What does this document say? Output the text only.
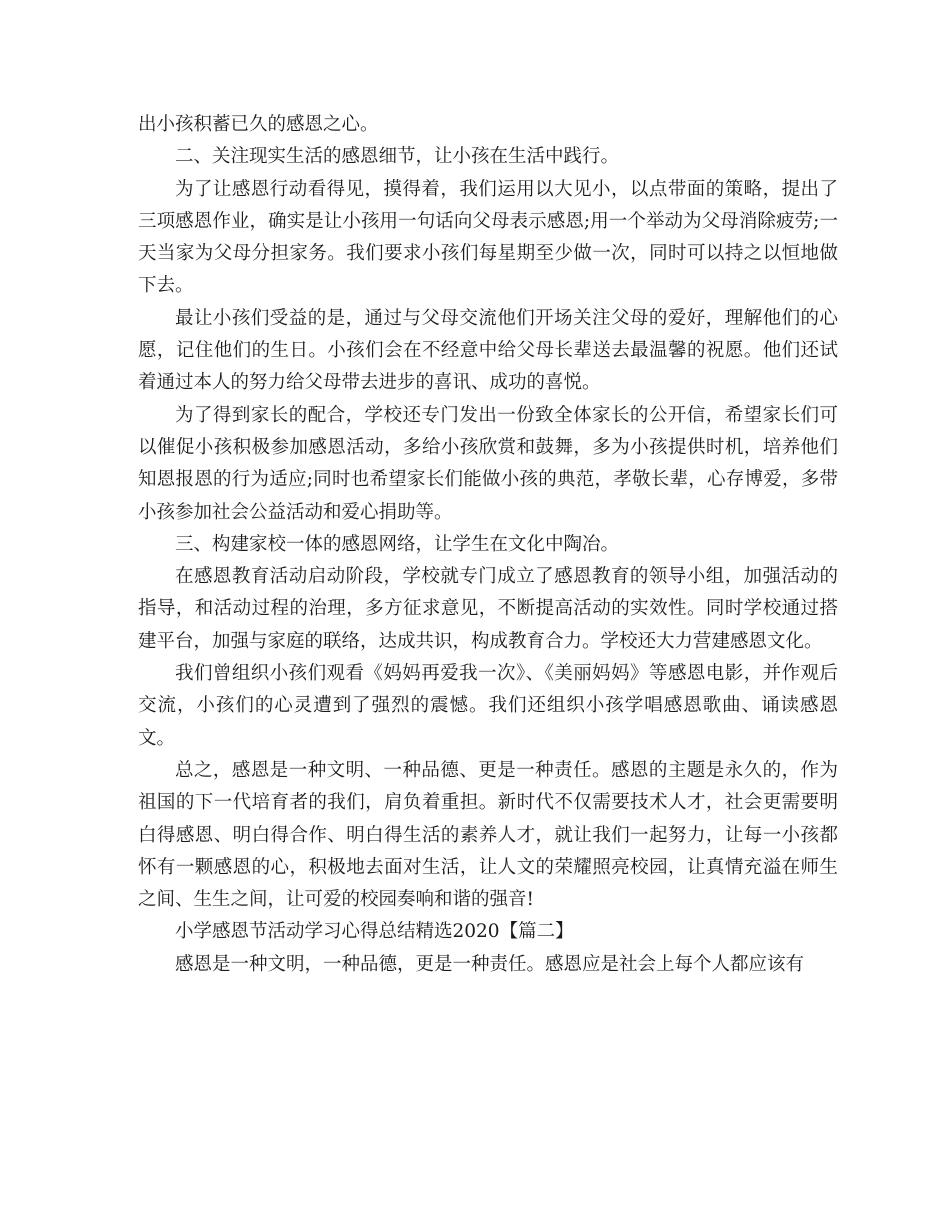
出小孩积蓄已久的感恩之心。

二、关注现实生活的感恩细节，让小孩在生活中践行。

为了让感恩行动看得见，摸得着，我们运用以大见小，以点带面的策略，提出了三项感恩作业，确实是让小孩用一句话向父母表示感恩;用一个举动为父母消除疲劳;一天当家为父母分担家务。我们要求小孩们每星期至少做一次，同时可以持之以恒地做下去。

最让小孩们受益的是，通过与父母交流他们开场关注父母的爱好，理解他们的心愿，记住他们的生日。小孩们会在不经意中给父母长辈送去最温馨的祝愿。他们还试着通过本人的努力给父母带去进步的喜讯、成功的喜悦。

为了得到家长的配合，学校还专门发出一份致全体家长的公开信，希望家长们可以催促小孩积极参加感恩活动，多给小孩欣赏和鼓舞，多为小孩提供时机，培养他们知恩报恩的行为适应;同时也希望家长们能做小孩的典范，孝敬长辈，心存博爱，多带小孩参加社会公益活动和爱心捐助等。

三、构建家校一体的感恩网络，让学生在文化中陶冶。

在感恩教育活动启动阶段，学校就专门成立了感恩教育的领导小组，加强活动的指导，和活动过程的治理，多方征求意见，不断提高活动的实效性。同时学校通过搭建平台，加强与家庭的联络，达成共识，构成教育合力。学校还大力营建感恩文化。

我们曾组织小孩们观看《妈妈再爱我一次》、《美丽妈妈》等感恩电影，并作观后交流，小孩们的心灵遭到了强烈的震憾。我们还组织小孩学唱感恩歌曲、诵读感恩文。

总之，感恩是一种文明、一种品德、更是一种责任。感恩的主题是永久的，作为祖国的下一代培育者的我们，肩负着重担。新时代不仅需要技术人才，社会更需要明白得感恩、明白得合作、明白得生活的素养人才，就让我们一起努力，让每一小孩都怀有一颗感恩的心，积极地去面对生活，让人文的荣耀照亮校园，让真情充溢在师生之间、生生之间，让可爱的校园奏响和谐的强音!

小学感恩节活动学习心得总结精选2020【篇二】

感恩是一种文明，一种品德，更是一种责任。感恩应是社会上每个人都应该有
